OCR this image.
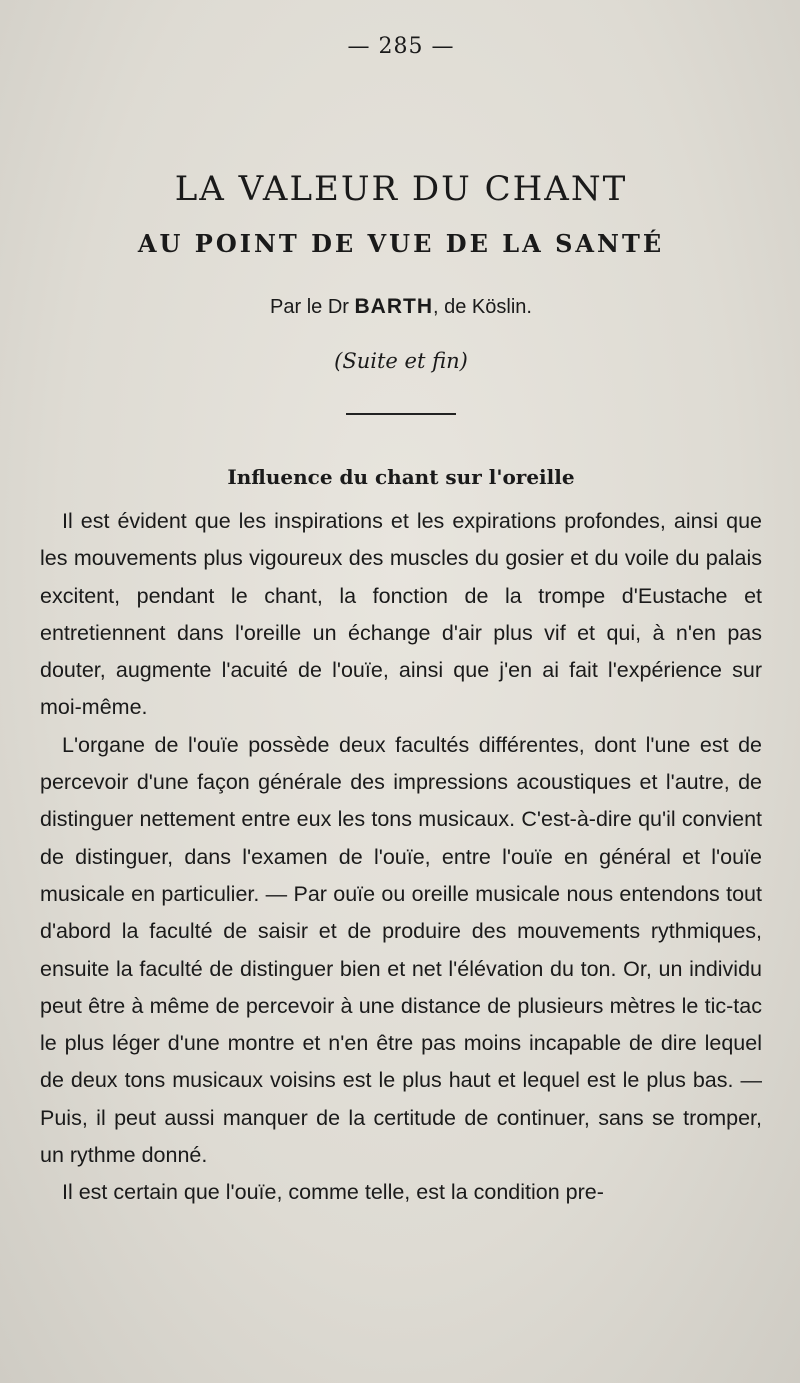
— 285 —
LA VALEUR DU CHANT
AU POINT DE VUE DE LA SANTÉ
Par le Dr BARTH, de Köslin.
(Suite et fin)
Influence du chant sur l'oreille

Il est évident que les inspirations et les expirations profondes, ainsi que les mouvements plus vigoureux des muscles du gosier et du voile du palais excitent, pendant le chant, la fonction de la trompe d'Eustache et entretiennent dans l'oreille un échange d'air plus vif et qui, à n'en pas douter, augmente l'acuité de l'ouïe, ainsi que j'en ai fait l'expérience sur moi-même.

L'organe de l'ouïe possède deux facultés différentes, dont l'une est de percevoir d'une façon générale des impressions acoustiques et l'autre, de distinguer nettement entre eux les tons musicaux. C'est-à-dire qu'il convient de distinguer, dans l'examen de l'ouïe, entre l'ouïe en général et l'ouïe musicale en particulier. — Par ouïe ou oreille musicale nous entendons tout d'abord la faculté de saisir et de produire des mouvements rythmiques, ensuite la faculté de distinguer bien et net l'élévation du ton. Or, un individu peut être à même de percevoir à une distance de plusieurs mètres le tic-tac le plus léger d'une montre et n'en être pas moins incapable de dire lequel de deux tons musicaux voisins est le plus haut et lequel est le plus bas. — Puis, il peut aussi manquer de la certitude de continuer, sans se tromper, un rythme donné.

Il est certain que l'ouïe, comme telle, est la condition pre-
